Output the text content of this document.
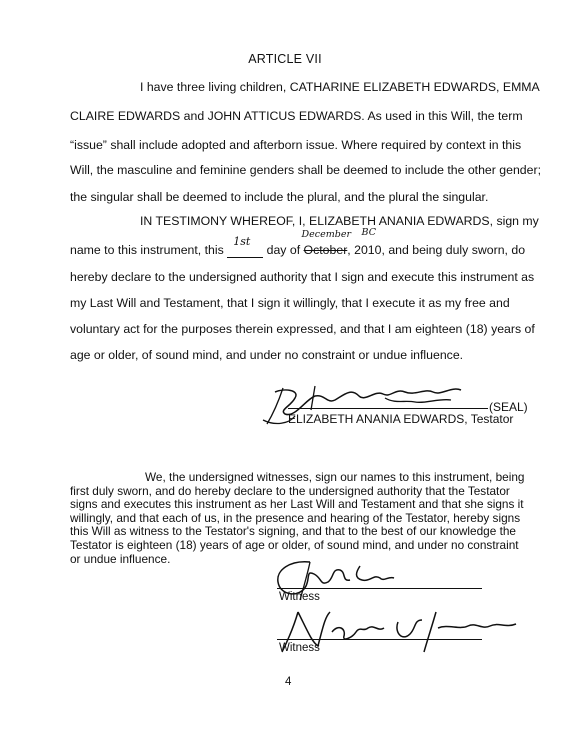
ARTICLE VII
I have three living children, CATHARINE ELIZABETH EDWARDS, EMMA
CLAIRE EDWARDS and JOHN ATTICUS EDWARDS. As used in this Will, the term
“issue” shall include adopted and afterborn issue. Where required by context in this
Will, the masculine and feminine genders shall be deemed to include the other gender;
the singular shall be deemed to include the plural, and the plural the singular.
IN TESTIMONY WHEREOF, I, ELIZABETH ANANIA EDWARDS, sign my
name to this instrument, this
1st
day of October
December BC
, 2010, and being duly sworn, do
hereby declare to the undersigned authority that I sign and execute this instrument as
my Last Will and Testament, that I sign it willingly, that I execute it as my free and
voluntary act for the purposes therein expressed, and that I am eighteen (18) years of
age or older, of sound mind, and under no constraint or undue influence.
(SEAL)
ELIZABETH ANANIA EDWARDS, Testator
We, the undersigned witnesses, sign our names to this instrument, being
first duly sworn, and do hereby declare to the undersigned authority that the Testator
signs and executes this instrument as her Last Will and Testament and that she signs it
willingly, and that each of us, in the presence and hearing of the Testator, hereby signs
this Will as witness to the Testator's signing, and that to the best of our knowledge the
Testator is eighteen (18) years of age or older, of sound mind, and under no constraint
or undue influence.
Witness
Witness
4
